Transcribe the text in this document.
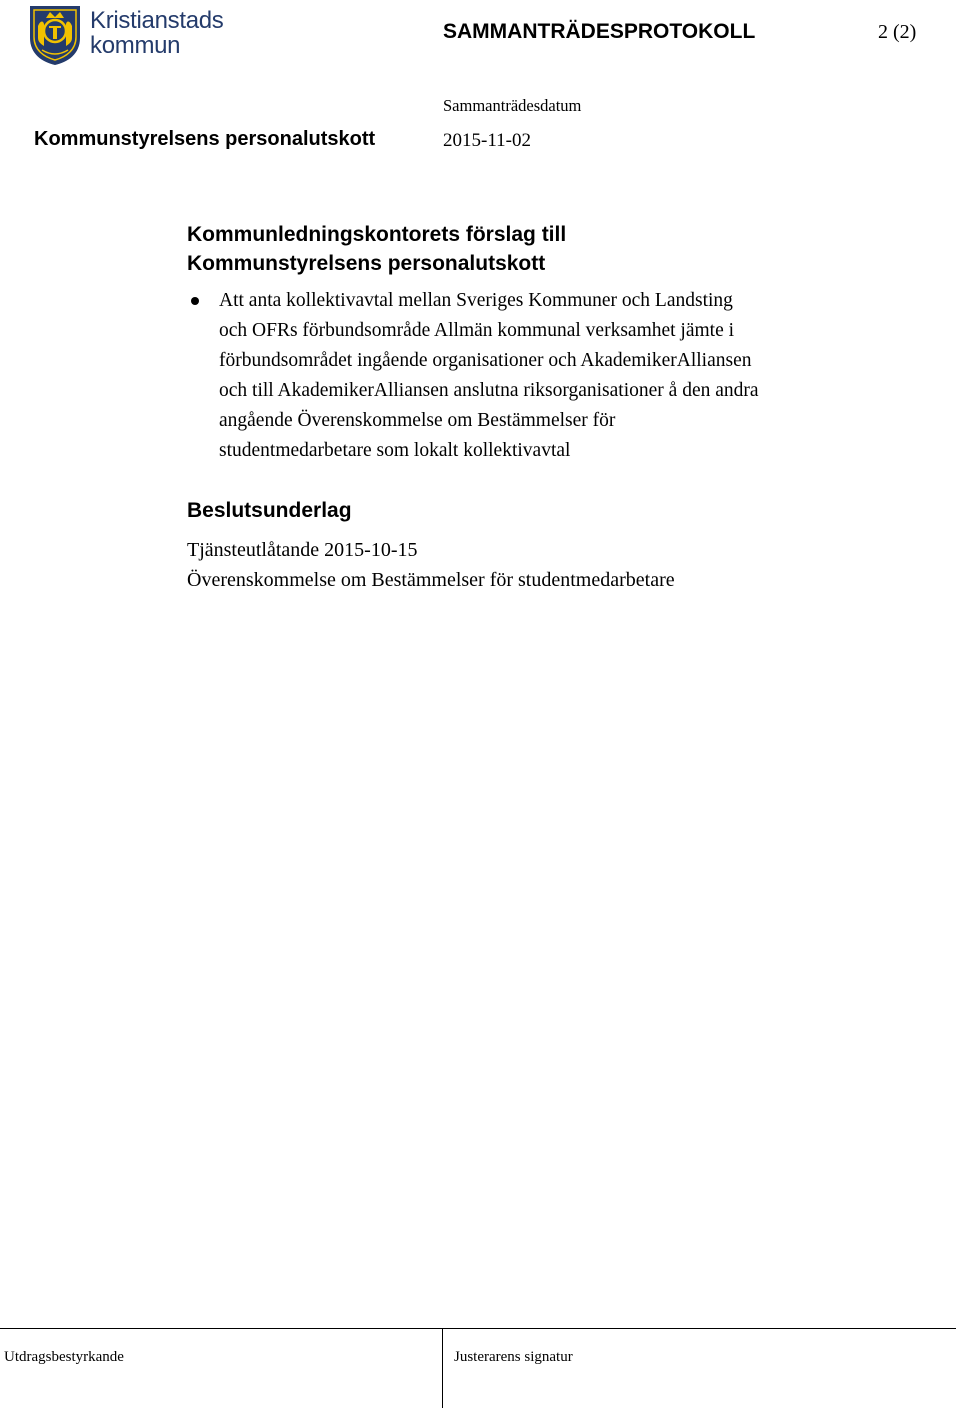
Kristianstads
kommun
SAMMANTRÄDESPROTOKOLL	2 (2)
Sammanträdesdatum
Kommunstyrelsens personalutskott	2015-11-02
Kommunledningskontorets förslag till
Kommunstyrelsens personalutskott
Att anta kollektivavtal mellan Sveriges Kommuner och Landsting
och OFRs förbundsområde Allmän kommunal verksamhet jämte i
förbundsområdet ingående organisationer och AkademikerAlliansen
och till AkademikerAlliansen anslutna riksorganisationer å den andra
angående Överenskommelse om Bestämmelser för
studentmedarbetare som lokalt kollektivavtal
Beslutsunderlag
Tjänsteutlåtande 2015-10-15
Överenskommelse om Bestämmelser för studentmedarbetare
Utdragsbestyrkande	Justerarens signatur
